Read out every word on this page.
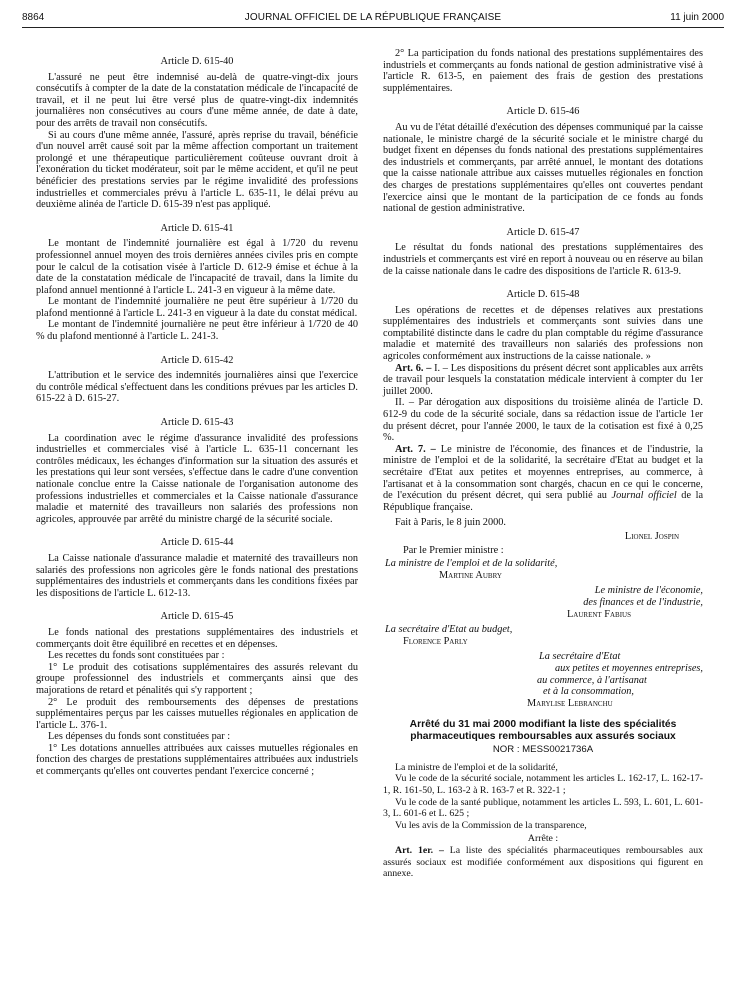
8864	JOURNAL OFFICIEL DE LA RÉPUBLIQUE FRANÇAISE	11 juin 2000
Article D. 615-40

L'assuré ne peut être indemnisé au-delà de quatre-vingt-dix jours consécutifs à compter de la date de la constatation médicale de l'incapacité de travail, et il ne peut lui être versé plus de quatre-vingt-dix indemnités journalières non consécutives au cours d'une même année, de date à date, pour des arrêts de travail non consécutifs.

Si au cours d'une même année, l'assuré, après reprise du travail, bénéficie d'un nouvel arrêt causé soit par la même affection comportant un traitement prolongé et une thérapeutique particulièrement coûteuse ouvrant droit à l'exonération du ticket modérateur, soit par le même accident, et qu'il ne peut bénéficier des prestations servies par le régime invalidité des professions industrielles et commerciales prévu à l'article L. 635-11, le délai prévu au deuxième alinéa de l'article D. 615-39 n'est pas appliqué.

Article D. 615-41

Le montant de l'indemnité journalière est égal à 1/720 du revenu professionnel annuel moyen des trois dernières années civiles pris en compte pour le calcul de la cotisation visée à l'article D. 612-9 émise et échue à la date de la constatation médicale de l'incapacité de travail, dans la limite du plafond annuel mentionné à l'article L. 241-3 en vigueur à la même date.

Le montant de l'indemnité journalière ne peut être supérieur à 1/720 du plafond mentionné à l'article L. 241-3 en vigueur à la date du constat médical.

Le montant de l'indemnité journalière ne peut être inférieur à 1/720 de 40 % du plafond mentionné à l'article L. 241-3.

Article D. 615-42

L'attribution et le service des indemnités journalières ainsi que l'exercice du contrôle médical s'effectuent dans les conditions prévues par les articles D. 615-22 à D. 615-27.

Article D. 615-43

La coordination avec le régime d'assurance invalidité des professions industrielles et commerciales visé à l'article L. 635-11 concernant les contrôles médicaux, les échanges d'information sur la situation des assurés et les prestations qui leur sont versées, s'effectue dans le cadre d'une convention nationale conclue entre la Caisse nationale de l'organisation autonome des professions industrielles et commerciales et la Caisse nationale d'assurance maladie et maternité des travailleurs non salariés des professions non agricoles, approuvée par arrêté du ministre chargé de la sécurité sociale.

Article D. 615-44

La Caisse nationale d'assurance maladie et maternité des travailleurs non salariés des professions non agricoles gère le fonds national des prestations supplémentaires des industriels et commerçants dans les conditions fixées par les dispositions de l'article L. 612-13.

Article D. 615-45

Le fonds national des prestations supplémentaires des industriels et commerçants doit être équilibré en recettes et en dépenses.

Les recettes du fonds sont constituées par :

1° Le produit des cotisations supplémentaires des assurés relevant du groupe professionnel des industriels et commerçants ainsi que des majorations de retard et pénalités qui s'y rapportent ;

2° Le produit des remboursements des dépenses de prestations supplémentaires perçus par les caisses mutuelles régionales en application de l'article L. 376-1.

Les dépenses du fonds sont constituées par :

1° Les dotations annuelles attribuées aux caisses mutuelles régionales en fonction des charges de prestations supplémentaires attribuées aux industriels et commerçants qu'elles ont couvertes pendant l'exercice concerné ;

2° La participation du fonds national des prestations supplémentaires des industriels et commerçants au fonds national de gestion administrative visé à l'article R. 613-5, en paiement des frais de gestion des prestations supplémentaires.

Article D. 615-46

Au vu de l'état détaillé d'exécution des dépenses communiqué par la caisse nationale, le ministre chargé de la sécurité sociale et le ministre chargé du budget fixent en dépenses du fonds national des prestations supplémentaires des industriels et commerçants, par arrêté annuel, le montant des dotations que la caisse nationale attribue aux caisses mutuelles régionales en fonction des charges de prestations supplémentaires qu'elles ont couvertes pendant l'exercice ainsi que le montant de la participation de ce fonds au fonds national de gestion administrative.

Article D. 615-47

Le résultat du fonds national des prestations supplémentaires des industriels et commerçants est viré en report à nouveau ou en réserve au bilan de la caisse nationale dans le cadre des dispositions de l'article R. 613-9.

Article D. 615-48

Les opérations de recettes et de dépenses relatives aux prestations supplémentaires des industriels et commerçants sont suivies dans une comptabilité distincte dans le cadre du plan comptable du régime d'assurance maladie et maternité des travailleurs non salariés des professions non agricoles conformément aux instructions de la caisse nationale. »

Art. 6. – I. – Les dispositions du présent décret sont applicables aux arrêts de travail pour lesquels la constatation médicale intervient à compter du 1er juillet 2000.

II. – Par dérogation aux dispositions du troisième alinéa de l'article D. 612-9 du code de la sécurité sociale, dans sa rédaction issue de l'article 1er du présent décret, pour l'année 2000, le taux de la cotisation est fixé à 0,25 %.

Art. 7. – Le ministre de l'économie, des finances et de l'industrie, la ministre de l'emploi et de la solidarité, la secrétaire d'Etat au budget et la secrétaire d'Etat aux petites et moyennes entreprises, au commerce, à l'artisanat et à la consommation sont chargés, chacun en ce qui le concerne, de l'exécution du présent décret, qui sera publié au Journal officiel de la République française.

Fait à Paris, le 8 juin 2000.

Lionel Jospin

Par le Premier ministre :

La ministre de l'emploi et de la solidarité,

Martine Aubry

Le ministre de l'économie,

des finances et de l'industrie,

Laurent Fabius

La secrétaire d'Etat au budget,

Florence Parly

La secrétaire d'Etat

aux petites et moyennes entreprises,

au commerce, à l'artisanat

et à la consommation,

Marylise Lebranchu

Arrêté du 31 mai 2000 modifiant la liste des spécialités pharmaceutiques remboursables aux assurés sociaux
NOR : MESS0021736A

La ministre de l'emploi et de la solidarité,

Vu le code de la sécurité sociale, notamment les articles L. 162-17, L. 162-17-1, R. 161-50, L. 163-2 à R. 163-7 et R. 322-1 ;

Vu le code de la santé publique, notamment les articles L. 593, L. 601, L. 601-3, L. 601-6 et L. 625 ;

Vu les avis de la Commission de la transparence,

Arrête :

Art. 1er. – La liste des spécialités pharmaceutiques remboursables aux assurés sociaux est modifiée conformément aux dispositions qui figurent en annexe.
